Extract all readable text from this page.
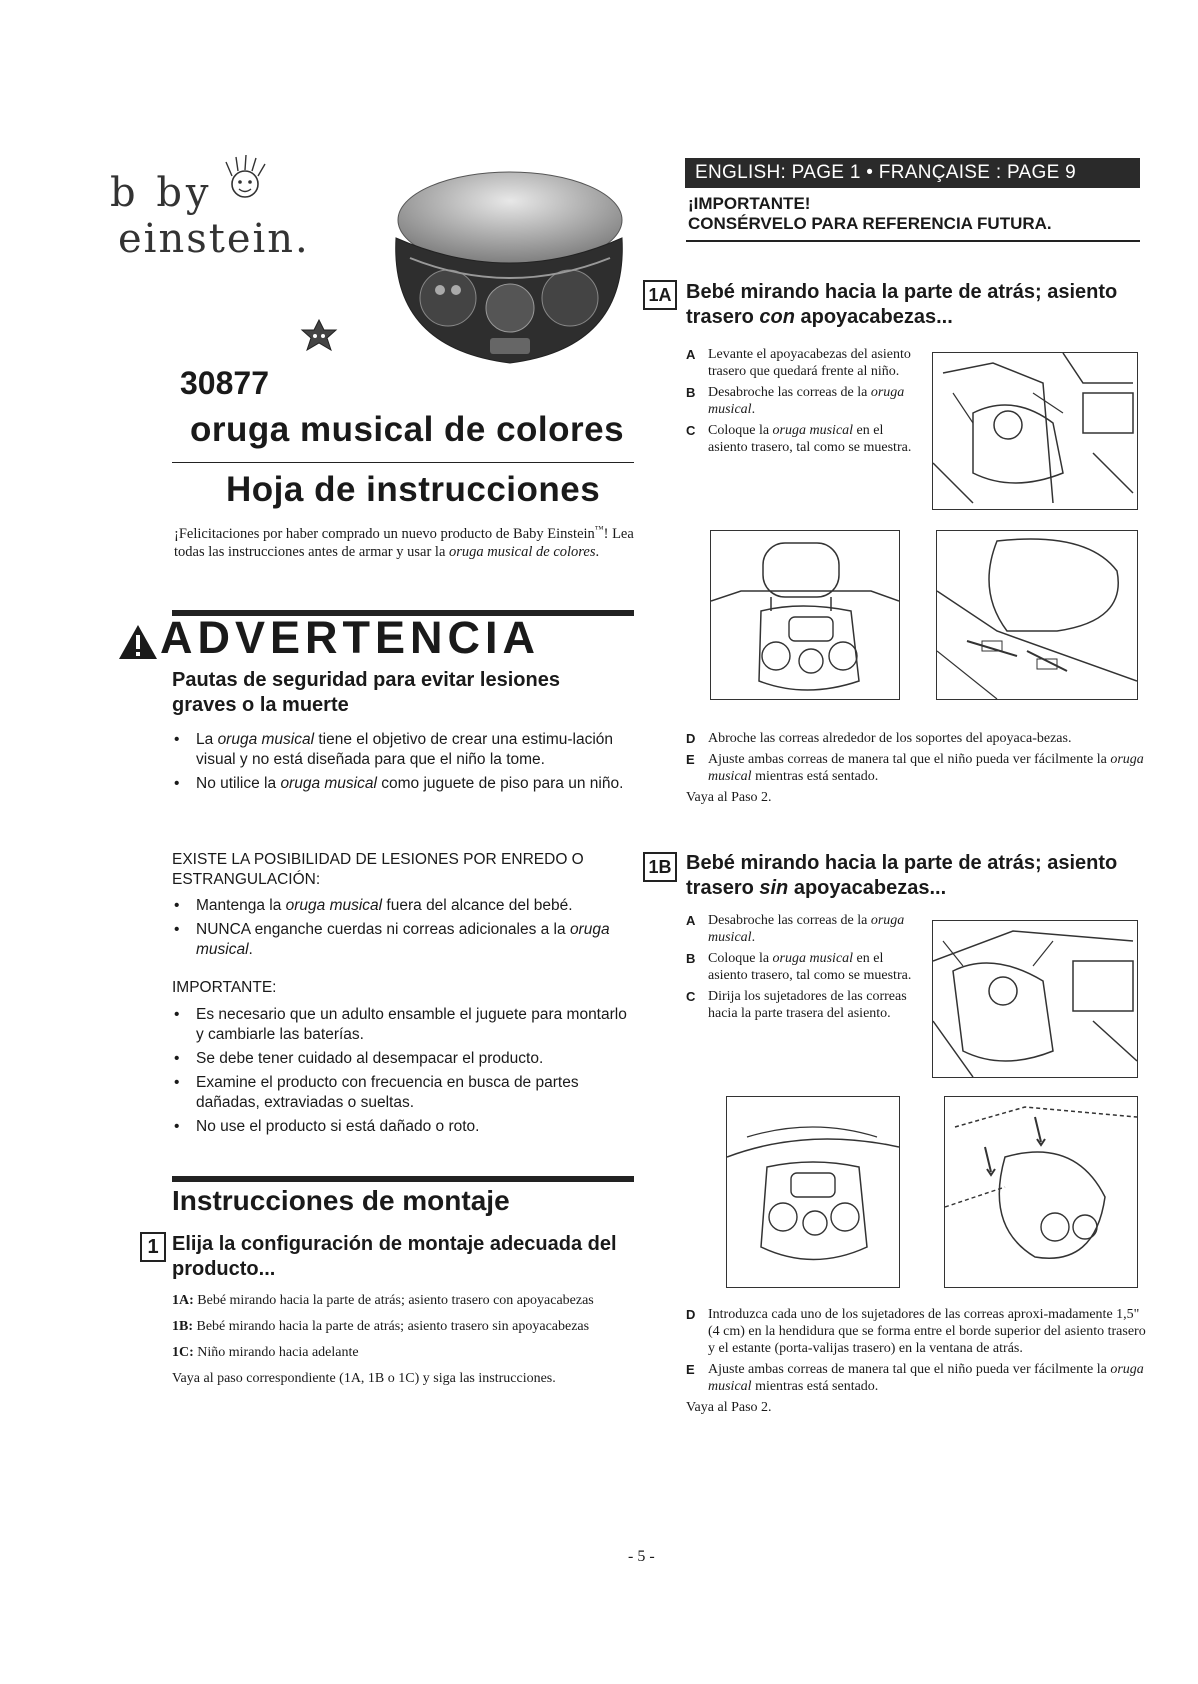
b by
einstein.
30877
oruga musical de colores
Hoja de instrucciones
¡Felicitaciones por haber comprado un nuevo producto de Baby Einstein™! Lea todas las instrucciones antes de armar y usar la oruga musical de colores.
ADVERTENCIA
Pautas de seguridad para evitar lesiones graves o la muerte
• La oruga musical tiene el objetivo de crear una estimu-lación visual y no está diseñada para que el niño la tome.
• No utilice la oruga musical como juguete de piso para un niño.
EXISTE LA POSIBILIDAD DE LESIONES POR ENREDO O ESTRANGULACIÓN:
• Mantenga la oruga musical fuera del alcance del bebé.
• NUNCA enganche cuerdas ni correas adicionales a la oruga musical.
IMPORTANTE:
• Es necesario que un adulto ensamble el juguete para montarlo y cambiarle las baterías.
• Se debe tener cuidado al desempacar el producto.
• Examine el producto con frecuencia en busca de partes dañadas, extraviadas o sueltas.
• No use el producto si está dañado o roto.
Instrucciones de montaje
1 Elija la configuración de montaje adecuada del producto...

1A: Bebé mirando hacia la parte de atrás; asiento trasero con apoyacabezas

1B: Bebé mirando hacia la parte de atrás; asiento trasero sin apoyacabezas

1C: Niño mirando hacia adelante

Vaya al paso correspondiente (1A, 1B o 1C) y siga las instrucciones.

ENGLISH: PAGE 1 • FRANÇAISE : PAGE 9
¡IMPORTANTE!
CONSÉRVELO PARA REFERENCIA FUTURA.
1A Bebé mirando hacia la parte de atrás; asiento trasero con apoyacabezas...
A Levante el apoyacabezas del asiento trasero que quedará frente al niño.
B Desabroche las correas de la oruga musical.
C Coloque la oruga musical en el asiento trasero, tal como se muestra.
D Abroche las correas alrededor de los soportes del apoyaca-bezas.
E Ajuste ambas correas de manera tal que el niño pueda ver fácilmente la oruga musical mientras está sentado.

Vaya al Paso 2.

1B Bebé mirando hacia la parte de atrás; asiento trasero sin apoyacabezas...
A Desabroche las correas de la oruga musical.
B Coloque la oruga musical en el asiento trasero, tal como se muestra.
C Dirija los sujetadores de las correas hacia la parte trasera del asiento.
D Introduzca cada uno de los sujetadores de las correas aproxi-madamente 1,5" (4 cm) en la hendidura que se forma entre el borde superior del asiento trasero y el estante (porta-valijas trasero) en la ventana de atrás.
E Ajuste ambas correas de manera tal que el niño pueda ver fácilmente la oruga musical mientras está sentado.

Vaya al Paso 2.

- 5 -
